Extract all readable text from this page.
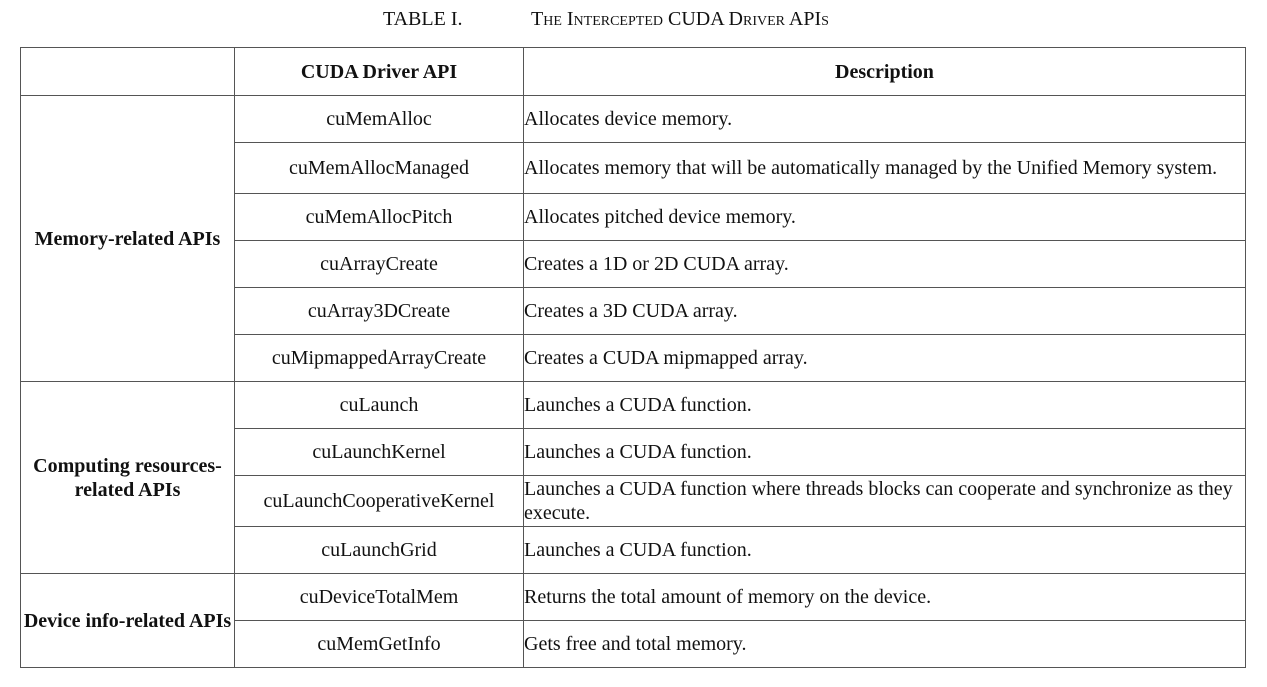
TABLE I.	The Intercepted CUDA Driver APIs
	CUDA Driver API	Description
Memory-related APIs	cuMemAlloc	Allocates device memory.
	cuMemAllocManaged	Allocates memory that will be automatically managed by the Unified Memory system.
	cuMemAllocPitch	Allocates pitched device memory.
	cuArrayCreate	Creates a 1D or 2D CUDA array.
	cuArray3DCreate	Creates a 3D CUDA array.
	cuMipmappedArrayCreate	Creates a CUDA mipmapped array.
Computing resources-related APIs	cuLaunch	Launches a CUDA function.
	cuLaunchKernel	Launches a CUDA function.
	cuLaunchCooperativeKernel	Launches a CUDA function where threads blocks can cooperate and synchronize as they execute.
	cuLaunchGrid	Launches a CUDA function.
Device info-related APIs	cuDeviceTotalMem	Returns the total amount of memory on the device.
	cuMemGetInfo	Gets free and total memory.
